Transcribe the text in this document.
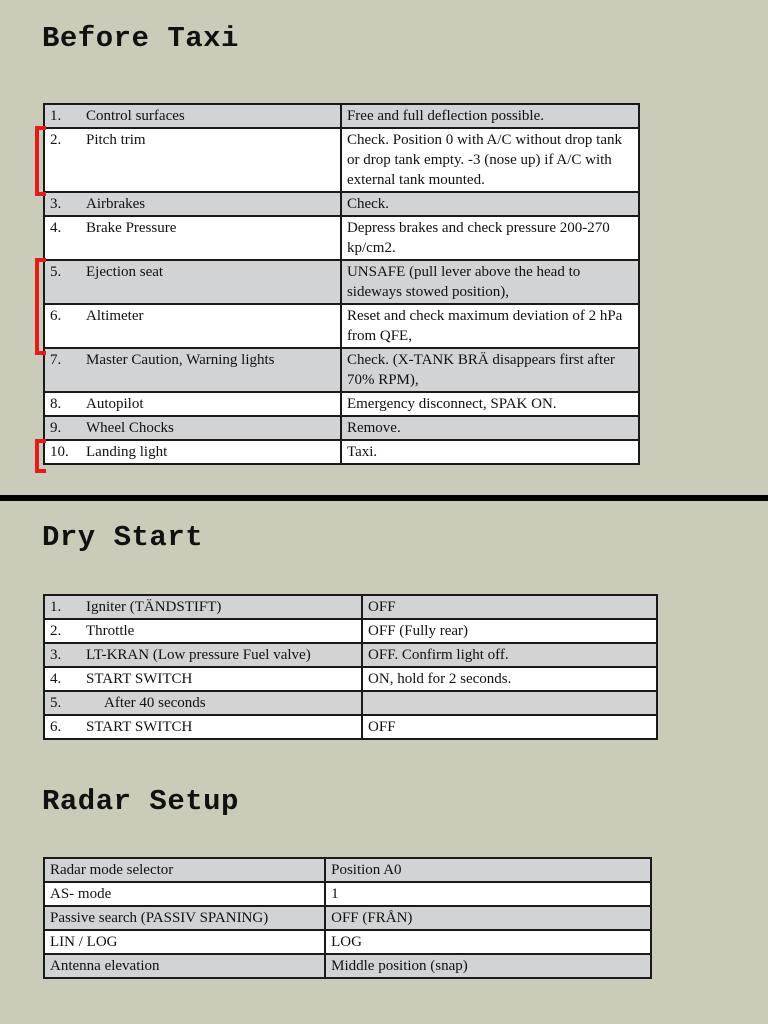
Before Taxi
1. Control surfaces	Free and full deflection possible.
2. Pitch trim	Check. Position 0 with A/C without drop tank or drop tank empty. -3 (nose up) if A/C with external tank mounted.
3. Airbrakes	Check.
4. Brake Pressure	Depress brakes and check pressure 200-270 kp/cm2.
5. Ejection seat	UNSAFE (pull lever above the head to sideways stowed position),
6. Altimeter	Reset and check maximum deviation of 2 hPa from QFE,
7. Master Caution, Warning lights	Check. (X-TANK BRÄ disappears first after 70% RPM),
8. Autopilot	Emergency disconnect, SPAK ON.
9. Wheel Chocks	Remove.
10. Landing light	Taxi.
Dry Start
1. Igniter (TÄNDSTIFT)	OFF
2. Throttle	OFF (Fully rear)
3. LT-KRAN (Low pressure Fuel valve)	OFF. Confirm light off.
4. START SWITCH	ON, hold for 2 seconds.
5. After 40 seconds	
6. START SWITCH	OFF
Radar Setup
Radar mode selector	Position A0
AS- mode	1
Passive search (PASSIV SPANING)	OFF (FRÅN)
LIN / LOG	LOG
Antenna elevation	Middle position (snap)
